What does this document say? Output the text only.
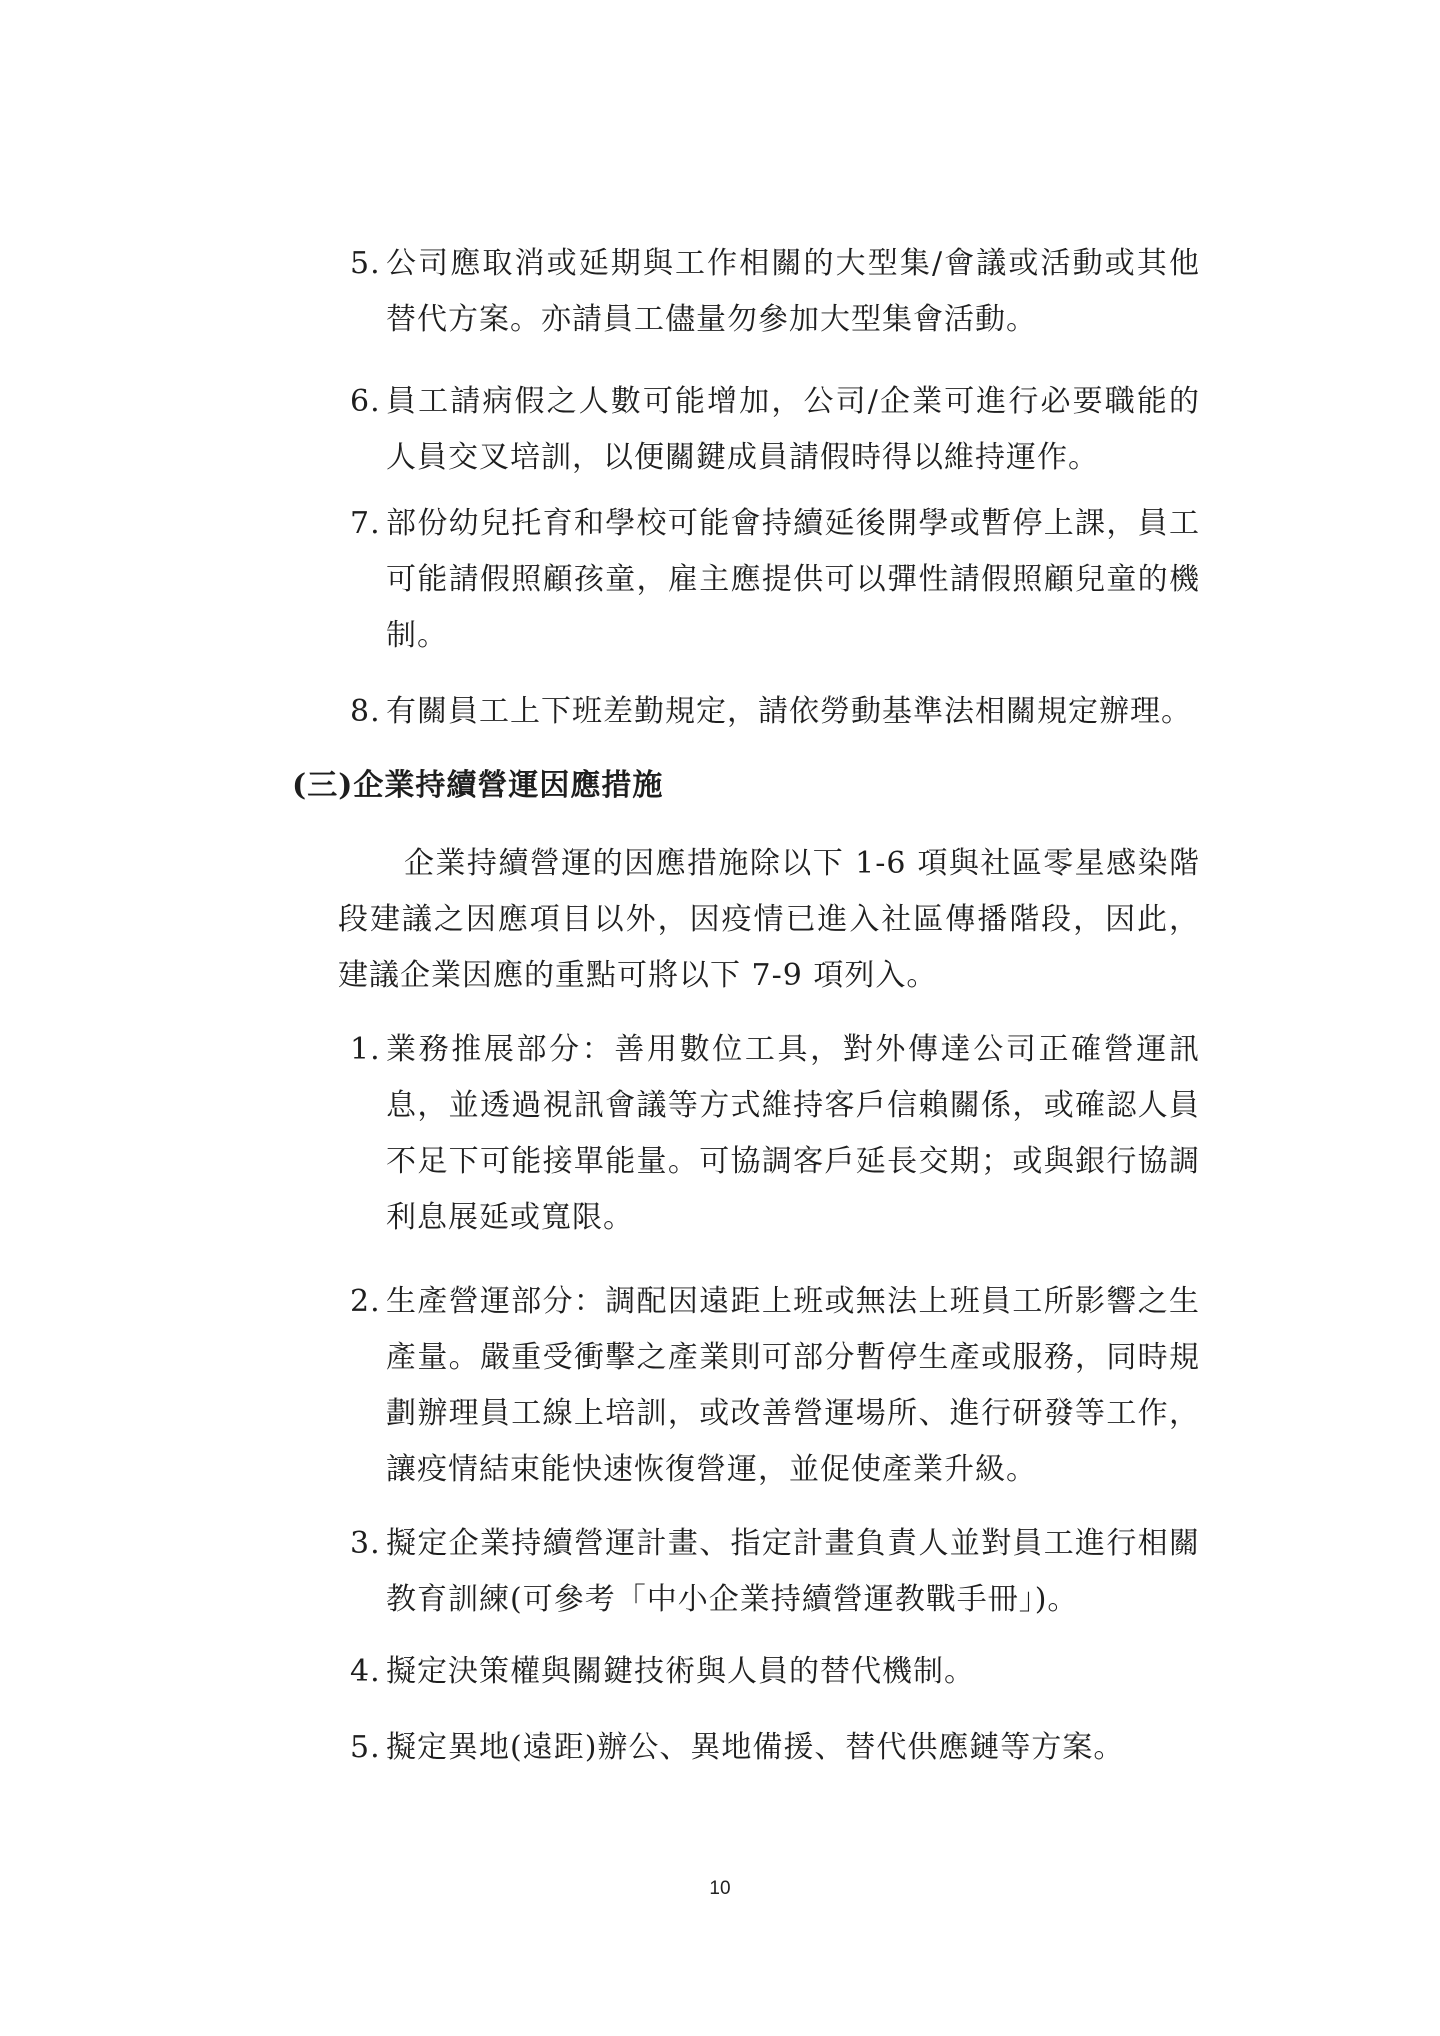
5. 公司應取消或延期與工作相關的大型集/會議或活動或其他替代方案。亦請員工儘量勿參加大型集會活動。
6. 員工請病假之人數可能增加，公司/企業可進行必要職能的人員交叉培訓，以便關鍵成員請假時得以維持運作。
7. 部份幼兒托育和學校可能會持續延後開學或暫停上課，員工可能請假照顧孩童，雇主應提供可以彈性請假照顧兒童的機制。
8. 有關員工上下班差勤規定，請依勞動基準法相關規定辦理。
(三)企業持續營運因應措施
企業持續營運的因應措施除以下 1-6 項與社區零星感染階段建議之因應項目以外，因疫情已進入社區傳播階段，因此，建議企業因應的重點可將以下 7-9 項列入。
1. 業務推展部分：善用數位工具，對外傳達公司正確營運訊息，並透過視訊會議等方式維持客戶信賴關係，或確認人員不足下可能接單能量。可協調客戶延長交期；或與銀行協調利息展延或寬限。
2. 生產營運部分：調配因遠距上班或無法上班員工所影響之生產量。嚴重受衝擊之產業則可部分暫停生產或服務，同時規劃辦理員工線上培訓，或改善營運場所、進行研發等工作，讓疫情結束能快速恢復營運，並促使產業升級。
3. 擬定企業持續營運計畫、指定計畫負責人並對員工進行相關教育訓練(可參考「中小企業持續營運教戰手冊」)。
4. 擬定決策權與關鍵技術與人員的替代機制。
5. 擬定異地(遠距)辦公、異地備援、替代供應鏈等方案。
10
